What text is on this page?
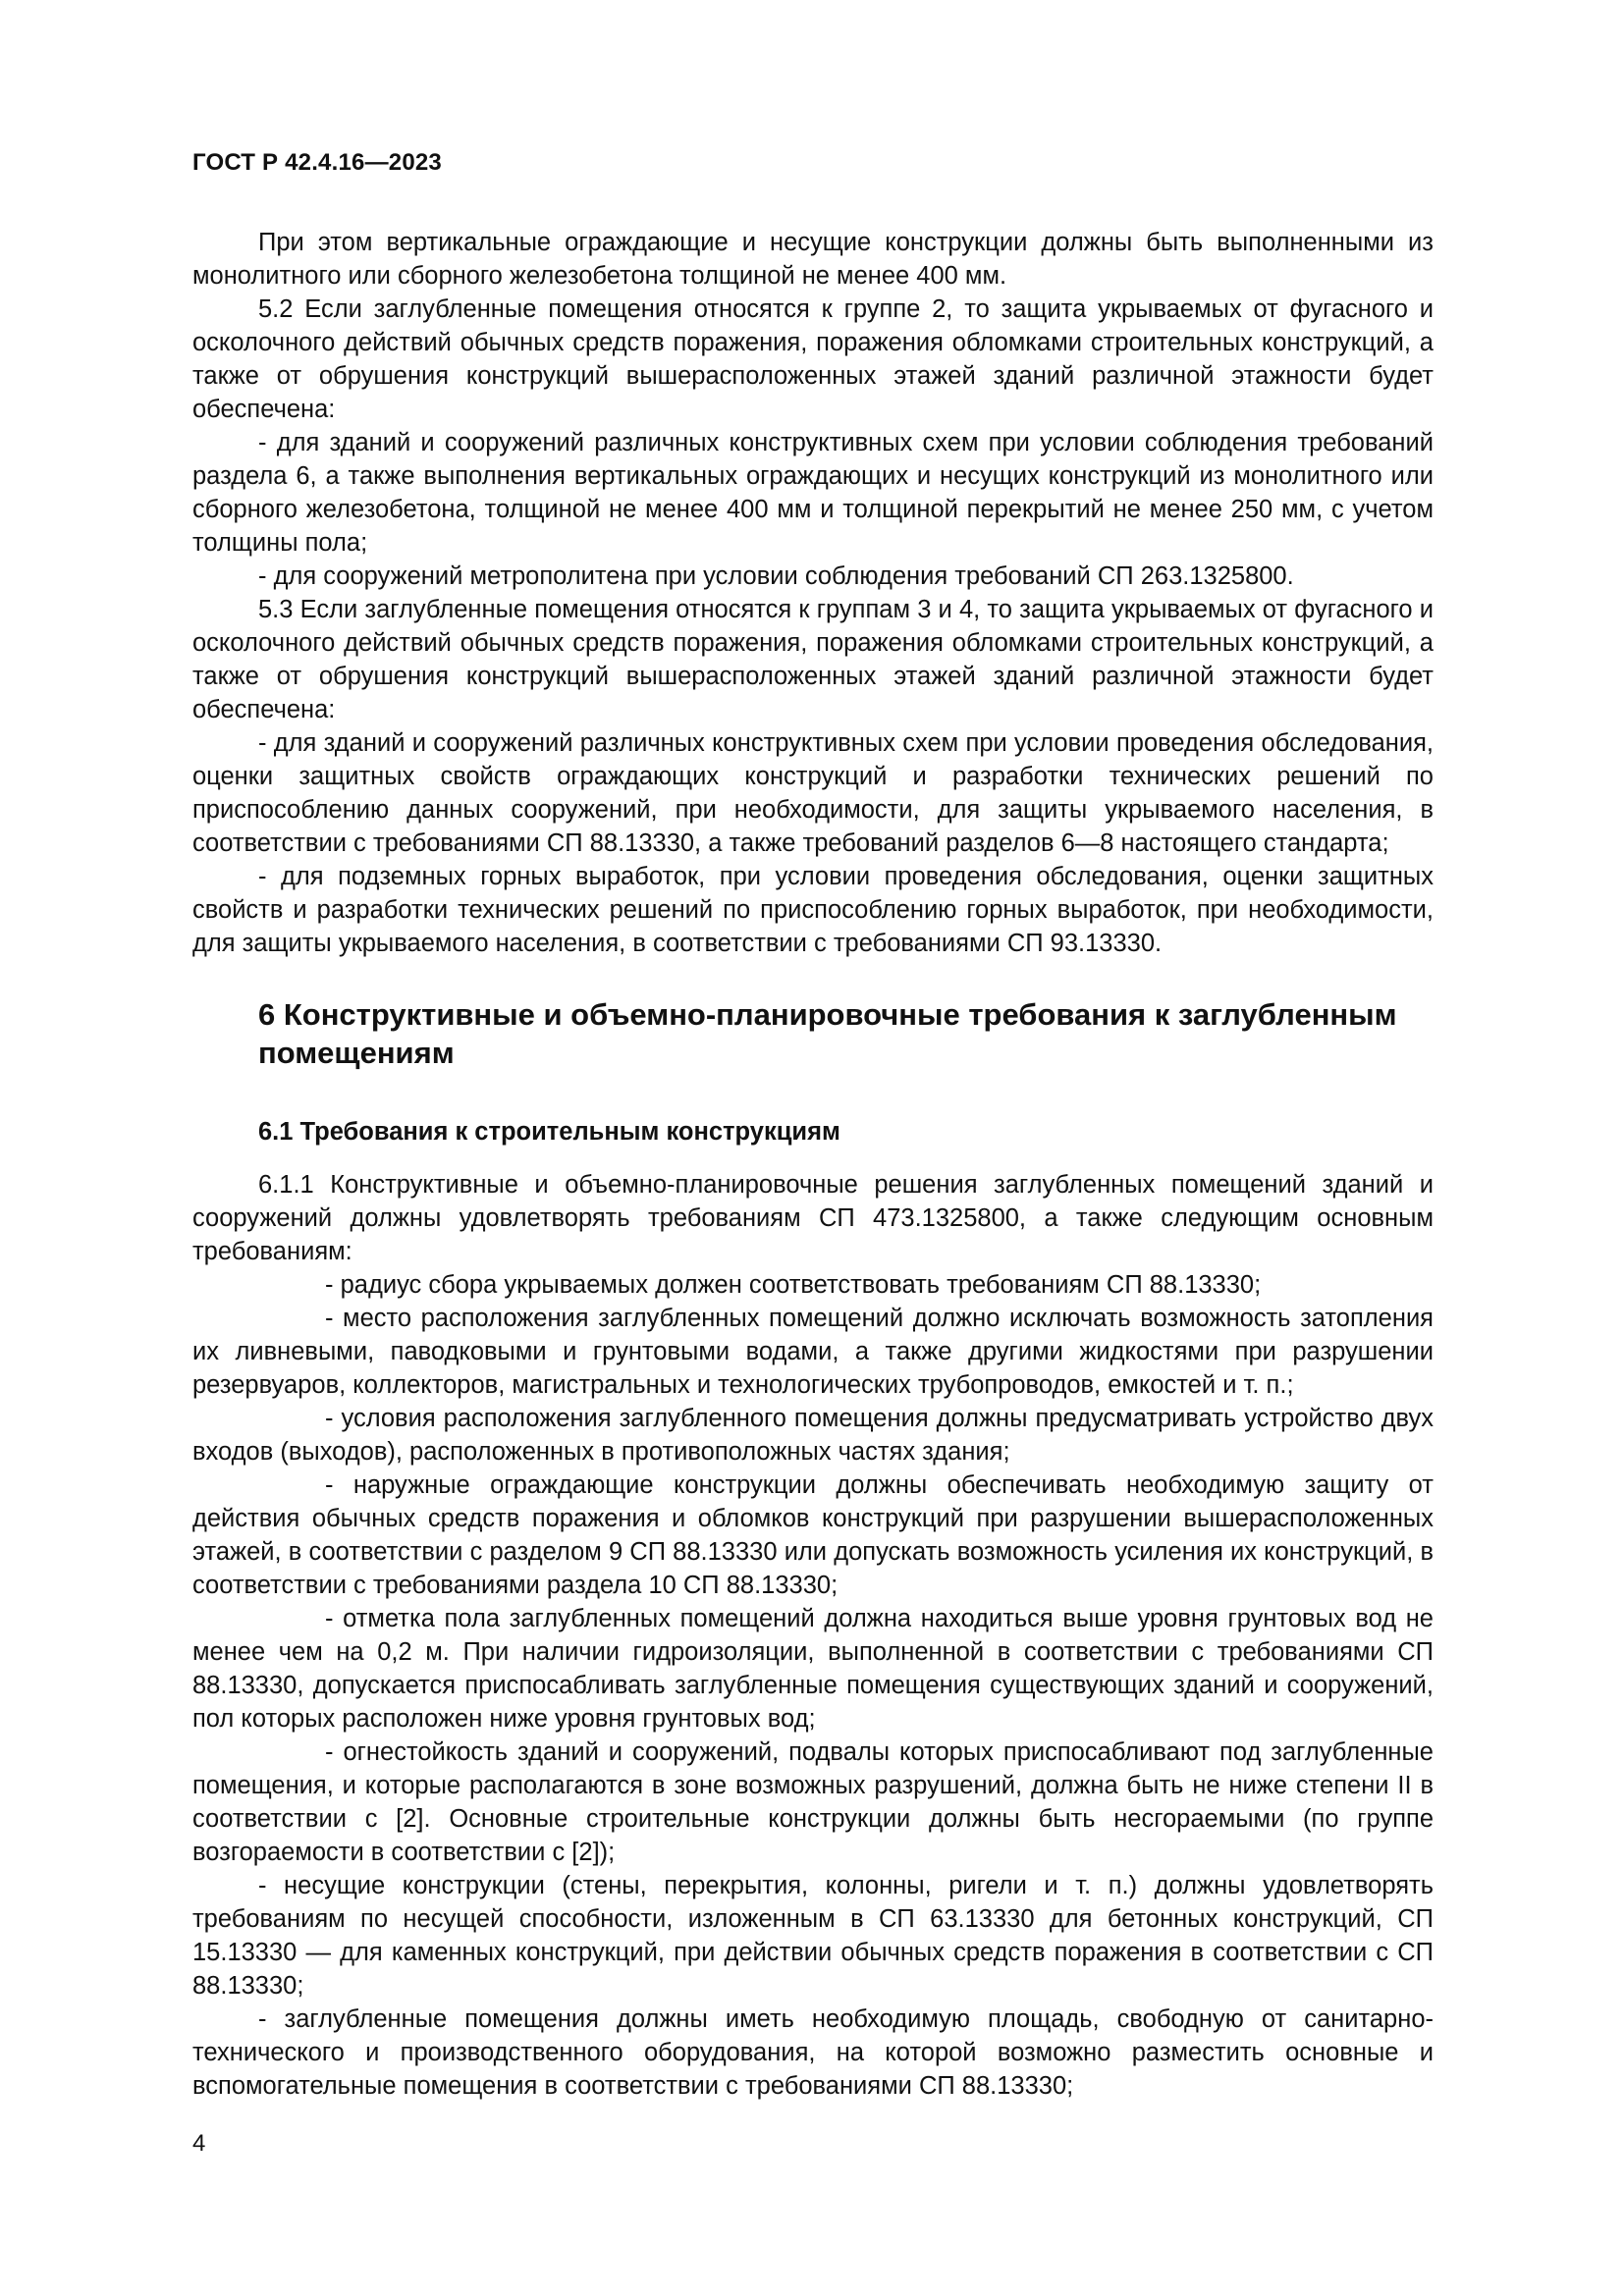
ГОСТ Р 42.4.16—2023

При этом вертикальные ограждающие и несущие конструкции должны быть выполненными из монолитного или сборного железобетона толщиной не менее 400 мм.

5.2 Если заглубленные помещения относятся к группе 2, то защита укрываемых от фугасного и осколочного действий обычных средств поражения, поражения обломками строительных конструкций, а также от обрушения конструкций вышерасположенных этажей зданий различной этажности будет обеспечена:

- для зданий и сооружений различных конструктивных схем при условии соблюдения требований раздела 6, а также выполнения вертикальных ограждающих и несущих конструкций из монолитного или сборного железобетона, толщиной не менее 400 мм и толщиной перекрытий не менее 250 мм, с учетом толщины пола;

- для сооружений метрополитена при условии соблюдения требований СП 263.1325800.

5.3 Если заглубленные помещения относятся к группам 3 и 4, то защита укрываемых от фугасного и осколочного действий обычных средств поражения, поражения обломками строительных конструкций, а также от обрушения конструкций вышерасположенных этажей зданий различной этажности будет обеспечена:

- для зданий и сооружений различных конструктивных схем при условии проведения обследования, оценки защитных свойств ограждающих конструкций и разработки технических решений по приспособлению данных сооружений, при необходимости, для защиты укрываемого населения, в соответствии с требованиями СП 88.13330, а также требований разделов 6—8 настоящего стандарта;

- для подземных горных выработок, при условии проведения обследования, оценки защитных свойств и разработки технических решений по приспособлению горных выработок, при необходимости, для защиты укрываемого населения, в соответствии с требованиями СП 93.13330.

6 Конструктивные и объемно-планировочные требования к заглубленным помещениям
6.1 Требования к строительным конструкциям

6.1.1 Конструктивные и объемно-планировочные решения заглубленных помещений зданий и сооружений должны удовлетворять требованиям СП 473.1325800, а также следующим основным требованиям:

- радиус сбора укрываемых должен соответствовать требованиям СП 88.13330;

- место расположения заглубленных помещений должно исключать возможность затопления их ливневыми, паводковыми и грунтовыми водами, а также другими жидкостями при разрушении резервуаров, коллекторов, магистральных и технологических трубопроводов, емкостей и т. п.;

- условия расположения заглубленного помещения должны предусматривать устройство двух входов (выходов), расположенных в противоположных частях здания;

- наружные ограждающие конструкции должны обеспечивать необходимую защиту от действия обычных средств поражения и обломков конструкций при разрушении вышерасположенных этажей, в соответствии с разделом 9 СП 88.13330 или допускать возможность усиления их конструкций, в соответствии с требованиями раздела 10 СП 88.13330;

- отметка пола заглубленных помещений должна находиться выше уровня грунтовых вод не менее чем на 0,2 м. При наличии гидроизоляции, выполненной в соответствии с требованиями СП 88.13330, допускается приспосабливать заглубленные помещения существующих зданий и сооружений, пол которых расположен ниже уровня грунтовых вод;

- огнестойкость зданий и сооружений, подвалы которых приспосабливают под заглубленные помещения, и которые располагаются в зоне возможных разрушений, должна быть не ниже степени II в соответствии с [2]. Основные строительные конструкции должны быть несгораемыми (по группе возгораемости в соответствии с [2]);

- несущие конструкции (стены, перекрытия, колонны, ригели и т. п.) должны удовлетворять требованиям по несущей способности, изложенным в СП 63.13330 для бетонных конструкций, СП 15.13330 — для каменных конструкций, при действии обычных средств поражения в соответствии с СП 88.13330;

- заглубленные помещения должны иметь необходимую площадь, свободную от санитарно-технического и производственного оборудования, на которой возможно разместить основные и вспомогательные помещения в соответствии с требованиями СП 88.13330;

4
